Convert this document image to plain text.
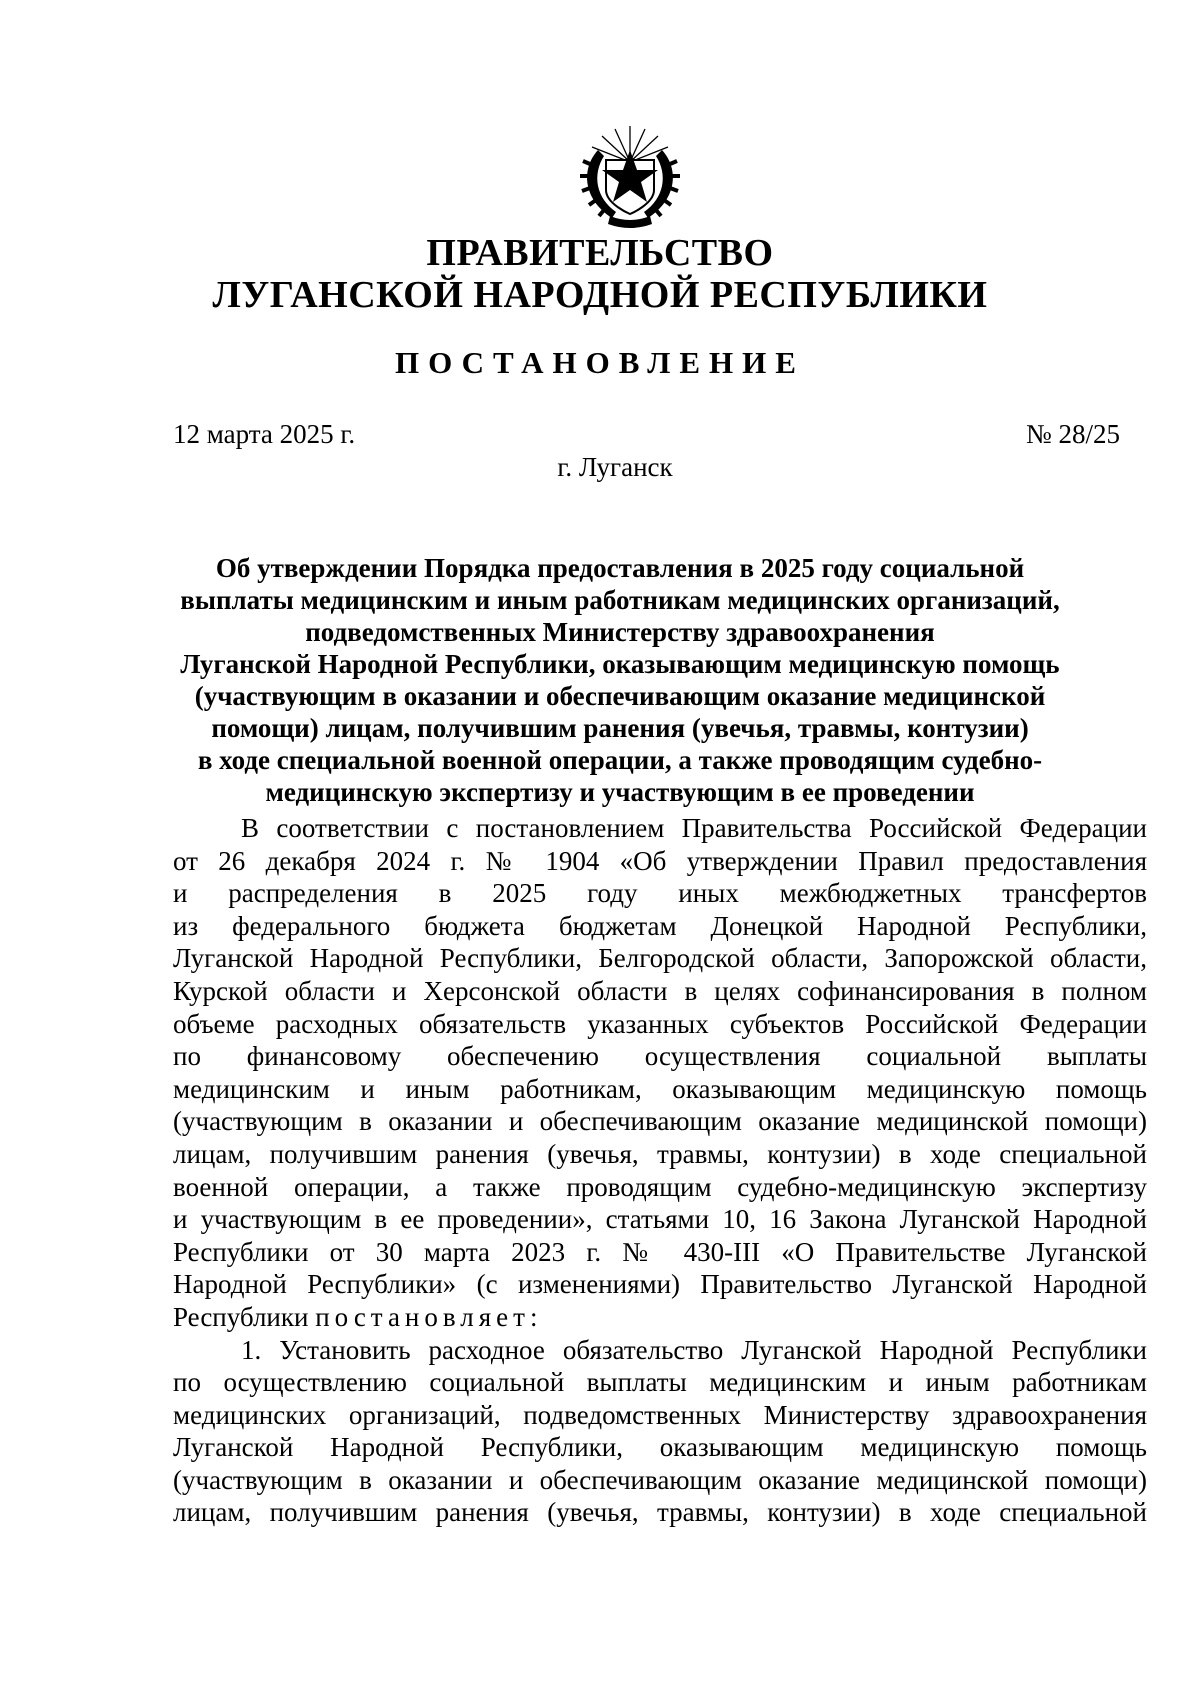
ПРАВИТЕЛЬСТВО
ЛУГАНСКОЙ НАРОДНОЙ РЕСПУБЛИКИ
ПОСТАНОВЛЕНИЕ
12 марта 2025 г.	№ 28/25
г. Луганск
Об утверждении Порядка предоставления в 2025 году социальной
выплаты медицинским и иным работникам медицинских организаций,
подведомственных Министерству здравоохранения
Луганской Народной Республики, оказывающим медицинскую помощь
(участвующим в оказании и обеспечивающим оказание медицинской
помощи) лицам, получившим ранения (увечья, травмы, контузии)
в ходе специальной военной операции, а также проводящим судебно-
медицинскую экспертизу и участвующим в ее проведении
В соответствии с постановлением Правительства Российской Федерации
от 26 декабря 2024 г. № 1904 «Об утверждении Правил предоставления
и распределения в 2025 году иных межбюджетных трансфертов
из федерального бюджета бюджетам Донецкой Народной Республики,
Луганской Народной Республики, Белгородской области, Запорожской области,
Курской области и Херсонской области в целях софинансирования в полном
объеме расходных обязательств указанных субъектов Российской Федерации
по финансовому обеспечению осуществления социальной выплаты
медицинским и иным работникам, оказывающим медицинскую помощь
(участвующим в оказании и обеспечивающим оказание медицинской помощи)
лицам, получившим ранения (увечья, травмы, контузии) в ходе специальной
военной операции, а также проводящим судебно-медицинскую экспертизу
и участвующим в ее проведении», статьями 10, 16 Закона Луганской Народной
Республики от 30 марта 2023 г. № 430-III «О Правительстве Луганской
Народной Республики» (с изменениями) Правительство Луганской Народной
Республики постановляет:
1. Установить расходное обязательство Луганской Народной Республики
по осуществлению социальной выплаты медицинским и иным работникам
медицинских организаций, подведомственных Министерству здравоохранения
Луганской Народной Республики, оказывающим медицинскую помощь
(участвующим в оказании и обеспечивающим оказание медицинской помощи)
лицам, получившим ранения (увечья, травмы, контузии) в ходе специальной
